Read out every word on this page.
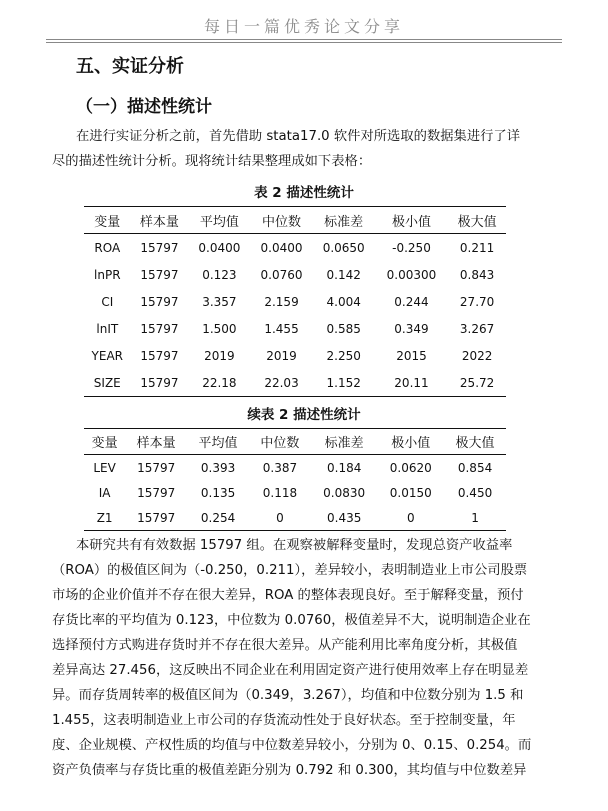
每日一篇优秀论文分享
五、实证分析
（一）描述性统计
在进行实证分析之前，首先借助 stata17.0 软件对所选取的数据集进行了详
尽的描述性统计分析。现将统计结果整理成如下表格：
表 2 描述性统计
变量	样本量	平均值	中位数	标准差	极小值	极大值
ROA	15797	0.0400	0.0400	0.0650	-0.250	0.211
lnPR	15797	0.123	0.0760	0.142	0.00300	0.843
CI	15797	3.357	2.159	4.004	0.244	27.70
lnIT	15797	1.500	1.455	0.585	0.349	3.267
YEAR	15797	2019	2019	2.250	2015	2022
SIZE	15797	22.18	22.03	1.152	20.11	25.72
续表 2 描述性统计
变量	样本量	平均值	中位数	标准差	极小值	极大值
LEV	15797	0.393	0.387	0.184	0.0620	0.854
IA	15797	0.135	0.118	0.0830	0.0150	0.450
Z1	15797	0.254	0	0.435	0	1
本研究共有有效数据 15797 组。在观察被解释变量时，发现总资产收益率
（ROA）的极值区间为（-0.250，0.211），差异较小，表明制造业上市公司股票
市场的企业价值并不存在很大差异，ROA 的整体表现良好。至于解释变量，预付
存货比率的平均值为 0.123，中位数为 0.0760，极值差异不大，说明制造企业在
选择预付方式购进存货时并不存在很大差异。从产能利用比率角度分析，其极值
差异高达 27.456，这反映出不同企业在利用固定资产进行使用效率上存在明显差
异。而存货周转率的极值区间为（0.349，3.267），均值和中位数分别为 1.5 和
1.455，这表明制造业上市公司的存货流动性处于良好状态。至于控制变量，年
度、企业规模、产权性质的均值与中位数差异较小，分别为 0、0.15、0.254。而
资产负债率与存货比重的极值差距分别为 0.792 和 0.300，其均值与中位数差异
